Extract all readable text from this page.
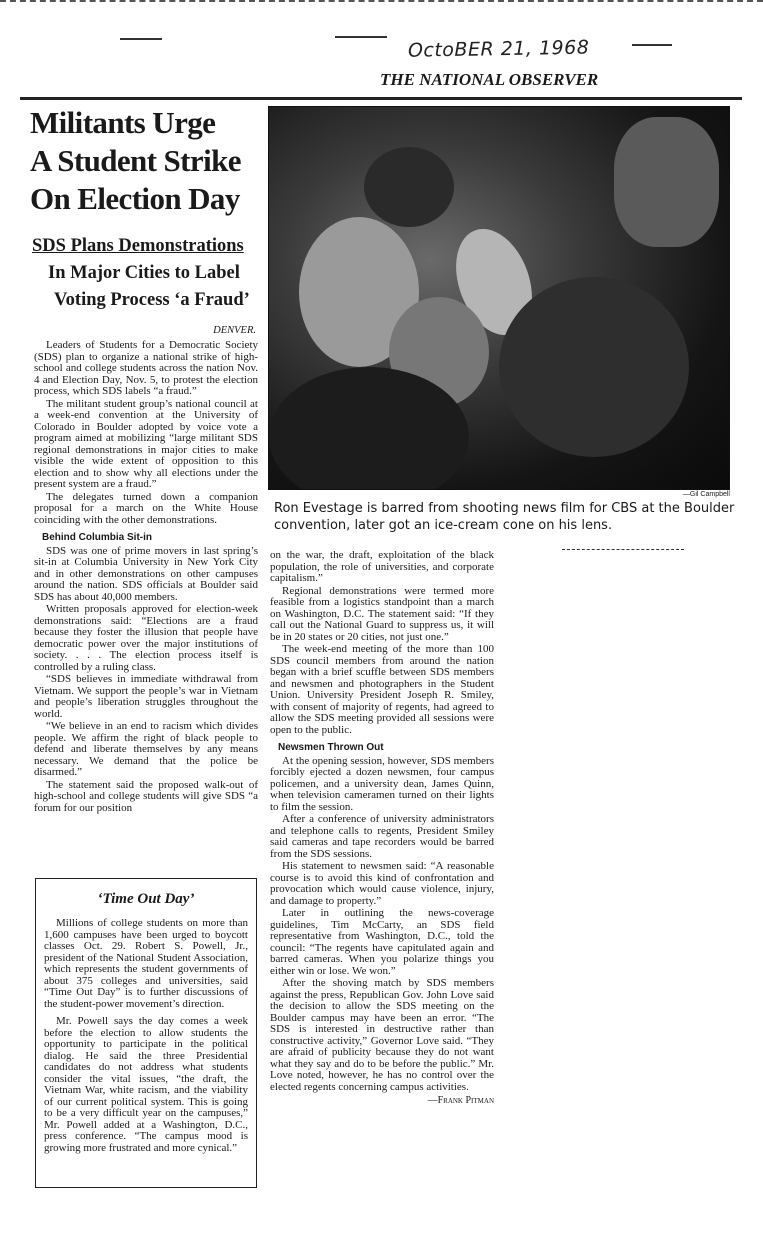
OctoBER 21, 1968
THE NATIONAL OBSERVER
Militants Urge
A Student Strike
On Election Day
SDS Plans Demonstrations
In Major Cities to Label
Voting Process ‘a Fraud’
DENVER.

Leaders of Students for a Democratic Society (SDS) plan to organize a national strike of high-school and college students across the nation Nov. 4 and Election Day, Nov. 5, to protest the election process, which SDS labels “a fraud.”

The militant student group’s national council at a week-end convention at the University of Colorado in Boulder adopted by voice vote a program aimed at mobilizing “large militant SDS regional demonstrations in major cities to make visible the wide extent of opposition to this election and to show why all elections under the present system are a fraud.”

The delegates turned down a companion proposal for a march on the White House coinciding with the other demonstrations.

Behind Columbia Sit-in

SDS was one of prime movers in last spring’s sit-in at Columbia University in New York City and in other demonstrations on other campuses around the nation. SDS officials at Boulder said SDS has about 40,000 members.

Written proposals approved for election-week demonstrations said: “Elections are a fraud because they foster the illusion that people have democratic power over the major institutions of society. . . . The election process itself is controlled by a ruling class.

“SDS believes in immediate withdrawal from Vietnam. We support the people’s war in Vietnam and people’s liberation struggles throughout the world.

“We believe in an end to racism which divides people. We affirm the right of black people to defend and liberate themselves by any means necessary. We demand that the police be disarmed.”

The statement said the proposed walk-out of high-school and college students will give SDS “a forum for our position

—Gil Campbell
Ron Evestage is barred from shooting news film for CBS at the Boulder convention, later got an ice-cream cone on his lens.

on the war, the draft, exploitation of the black population, the role of universities, and corporate capitalism.”

Regional demonstrations were termed more feasible from a logistics standpoint than a march on Washington, D.C. The statement said: “If they call out the National Guard to suppress us, it will be in 20 states or 20 cities, not just one.”

The week-end meeting of the more than 100 SDS council members from around the nation began with a brief scuffle between SDS members and newsmen and photographers in the Student Union. University President Joseph R. Smiley, with consent of majority of regents, had agreed to allow the SDS meeting provided all sessions were open to the public.

Newsmen Thrown Out

At the opening session, however, SDS members forcibly ejected a dozen newsmen, four campus policemen, and a university dean, James Quinn, when television cameramen turned on their lights to film the session.

After a conference of university administrators and telephone calls to regents, President Smiley said cameras and tape recorders would be barred from the SDS sessions.

His statement to newsmen said: “A reasonable course is to avoid this kind of confrontation and provocation which would cause violence, injury, and damage to property.”

Later in outlining the news-coverage guidelines, Tim McCarty, an SDS field representative from Washington, D.C., told the council: “The regents have capitulated again and barred cameras. When you polarize things you either win or lose. We won.”

After the shoving match by SDS members against the press, Republican Gov. John Love said the decision to allow the SDS meeting on the Boulder campus may have been an error. “The SDS is interested in destructive rather than constructive activity,” Governor Love said. “They are afraid of publicity because they do not want what they say and do to be before the public.” Mr. Love noted, however, he has no control over the elected regents concerning campus activities.

—Frank Pitman

‘Time Out Day’

Millions of college students on more than 1,600 campuses have been urged to boycott classes Oct. 29. Robert S. Powell, Jr., president of the National Student Association, which represents the student governments of about 375 colleges and universities, said “Time Out Day” is to further discussions of the student-power movement’s direction.

Mr. Powell says the day comes a week before the election to allow students the opportunity to participate in the political dialog. He said the three Presidential candidates do not address what students consider the vital issues, “the draft, the Vietnam War, white racism, and the viability of our current political system. This is going to be a very difficult year on the campuses,” Mr. Powell added at a Washington, D.C., press conference. “The campus mood is growing more frustrated and more cynical.”
